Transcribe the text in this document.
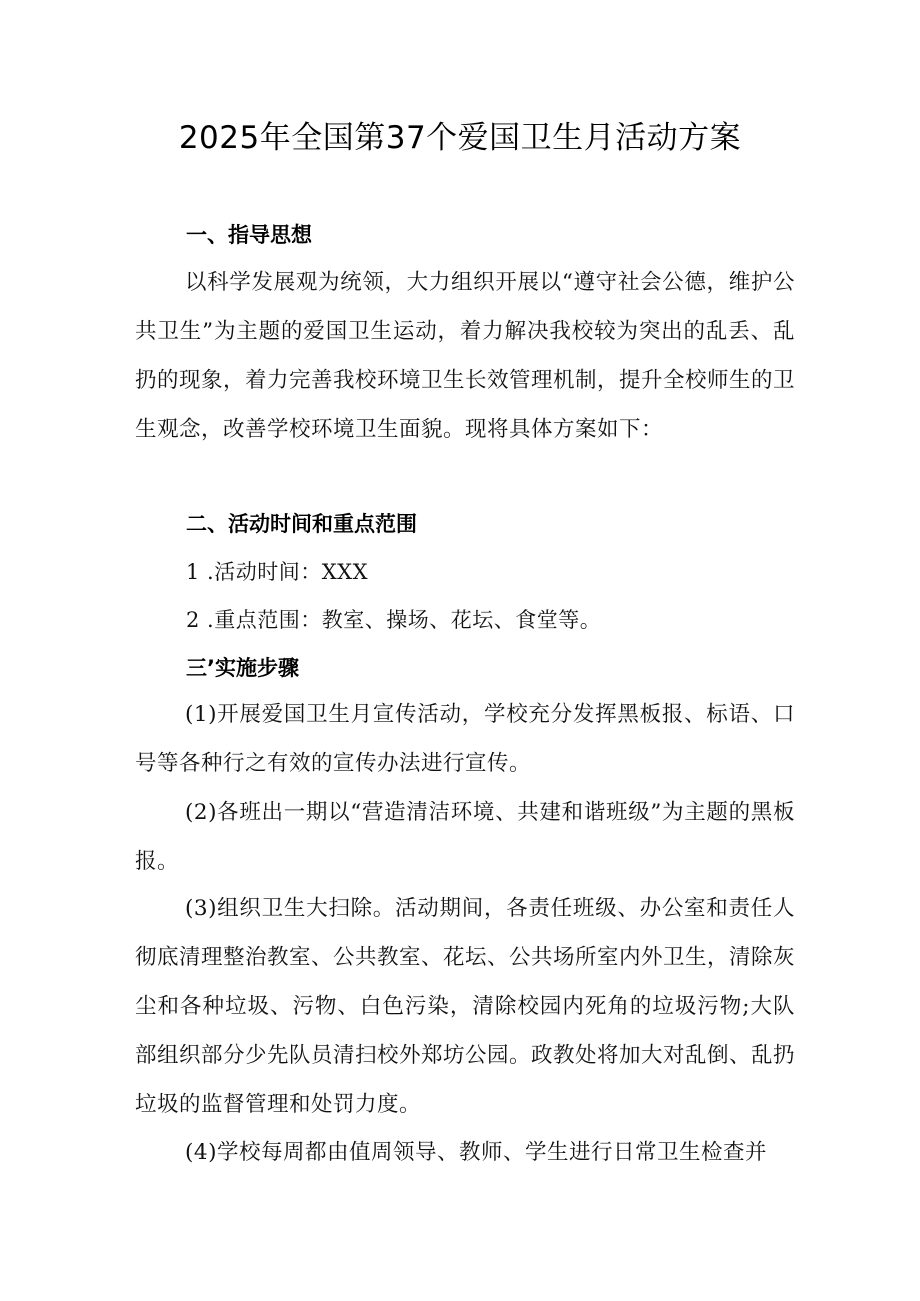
2025年全国第37个爱国卫生月活动方案
一、指导思想

以科学发展观为统领，大力组织开展以“遵守社会公德，维护公共卫生”为主题的爱国卫生运动，着力解决我校较为突出的乱丢、乱扔的现象，着力完善我校环境卫生长效管理机制，提升全校师生的卫生观念，改善学校环境卫生面貌。现将具体方案如下：

二、活动时间和重点范围

1 .活动时间：XXX

2 .重点范围：教室、操场、花坛、食堂等。

三’实施步骤

(1)开展爱国卫生月宣传活动，学校充分发挥黑板报、标语、口号等各种行之有效的宣传办法进行宣传。

(2)各班出一期以“营造清洁环境、共建和谐班级”为主题的黑板报。

(3)组织卫生大扫除。活动期间，各责任班级、办公室和责任人彻底清理整治教室、公共教室、花坛、公共场所室内外卫生，清除灰尘和各种垃圾、污物、白色污染，清除校园内死角的垃圾污物;大队部组织部分少先队员清扫校外郑坊公园。政教处将加大对乱倒、乱扔垃圾的监督管理和处罚力度。

(4)学校每周都由值周领导、教师、学生进行日常卫生检查并
